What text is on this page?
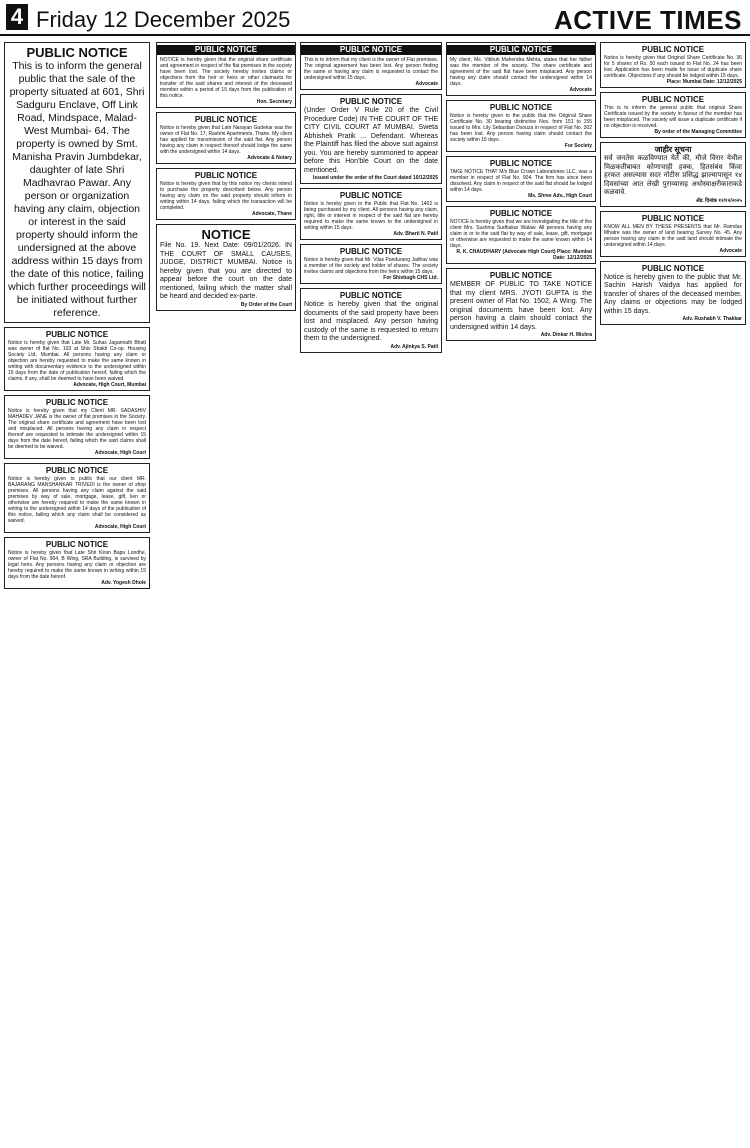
4 Friday 12 December 2025	ACTIVE TIMES
PUBLIC NOTICE
This is to inform the general public that the sale of the property situated at 601, Shri Sadguru Enclave, Off Link Road, Mindspace, Malad-West Mumbai- 64. The property is owned by Smt. Manisha Pravin Jumbdekar, daughter of late Shri Madhavrao Pawar. Any person or organization having any claim, objection or interest in the said property should inform the undersigned at the above address within 15 days from the date of this notice, failing which further proceedings will be initiated without further reference.
PUBLIC NOTICE
Notice is hereby given that Late Mr. Suhas Jagannath Bhatt was owner of flat No. 103 at Shiv Shakti Co-op. Housing Society Ltd, Mumbai. All persons having any claim or objection are hereby requested to make the same known in writing with documentary evidence to the undersigned within 15 days from the date of publication hereof, failing which the claims, if any, shall be deemed to have been waived.
Advocate, High Court, Mumbai
PUBLIC NOTICE
Notice is hereby given that my Client MR. SADASHIV MAHADEV JANE is the owner of flat premises in the Society. The original share certificate and agreement have been lost and misplaced. All persons having any claim in respect thereof are requested to intimate the undersigned within 15 days from the date hereof, failing which the said claims shall be deemed to be waived.
Advocate, High Court
PUBLIC NOTICE
Notice is hereby given to public that our client MR. BAJARANG MANSHANKAR TRIVEDI is the owner of shop premises. All persons having any claim against the said premises by way of sale, mortgage, lease, gift, lien or otherwise are hereby required to make the same known in writing to the undersigned within 14 days of the publication of this notice, failing which any claim shall be considered as waived.
Advocate, High Court
PUBLIC NOTICE
Notice is hereby given that Late Shri Kiran Bapu Londhe, owner of Flat No. 904, B Wing, SRA Building, is survived by legal heirs. Any persons having any claim or objection are hereby required to make the same known in writing within 15 days from the date hereof.
Adv. Yogesh Dhole
PUBLIC NOTICE
NOTICE is hereby given that the original share certificate and agreement in respect of the flat premises in the society have been lost. The society hereby invites claims or objections from the heir or heirs or other claimants for transfer of the said shares and interest of the deceased member within a period of 15 days from the publication of this notice.
Hon. Secretary
PUBLIC NOTICE
Notice is hereby given that Late Narayan Gudekar was the owner of Flat No. 17, Rashmi Apartments, Thane. My client has applied for transmission of the said flat. Any person having any claim in respect thereof should lodge the same with the undersigned within 14 days.
Advocate & Notary
PUBLIC NOTICE
Notice is hereby given that by this notice my clients intend to purchase the property described below. Any person having any claim on the said property should inform in writing within 14 days, failing which the transaction will be completed.
Advocate, Thane
NOTICE
File No. 19. Next Date: 09/01/2026. IN THE COURT OF SMALL CAUSES, JUDGE, DISTRICT MUMBAI. Notice is hereby given that you are directed to appear before the court on the date mentioned, failing which the matter shall be heard and decided ex-parte.
By Order of the Court
PUBLIC NOTICE
This is to inform that my client is the owner of Flat premises. The original agreement has been lost. Any person finding the same or having any claim is requested to contact the undersigned within 15 days.
Advocate
PUBLIC NOTICE
(Under Order V Rule 20 of the Civil Procedure Code) IN THE COURT OF THE CITY CIVIL COURT AT MUMBAI. Sweta Abhishek Pratik ... Defendant. Whereas the Plaintiff has filed the above suit against you. You are hereby summoned to appear before this Hon'ble Court on the date mentioned.
Issued under the order of the Court dated 10/12/2025
PUBLIC NOTICE
Notice is hereby given to the Public that Flat No. 1402 is being purchased by my client. All persons having any claim, right, title or interest in respect of the said flat are hereby required to make the same known to the undersigned in writing within 15 days.
Adv. Bharti N. Patil
PUBLIC NOTICE
Notice is hereby given that Mr. Vilas Pandurang Jadhav was a member of the society and holder of shares. The society invites claims and objections from the heirs within 15 days.
For Shivbugh CHS Ltd.
PUBLIC NOTICE
Notice is hereby given that the original documents of the said property have been lost and misplaced. Any person having custody of the same is requested to return them to the undersigned.
Adv. Ajinkya S. Patil
PUBLIC NOTICE
My client, Ms. Vibhuti Mahendra Mehta, states that her father was the member of the society. The share certificate and agreement of the said flat have been misplaced. Any person having any claim should contact the undersigned within 14 days.
Advocate
PUBLIC NOTICE
Notice is hereby given to the public that the Original Share Certificate No. 30 bearing distinctive Nos. from 151 to 155 issued to Mrs. Lily Sebastian Dsouza in respect of Flat No. 302 has been lost. Any person having claim should contact the society within 15 days.
For Society
PUBLIC NOTICE
TAKE NOTICE THAT M/s Blue Crown Laboratories LLC, was a member in respect of Flat No. 904. The firm has since been dissolved. Any claim in respect of the said flat should be lodged within 14 days.
Ms. Shree Adv., High Court
PUBLIC NOTICE
NOTICE is hereby given that we are investigating the title of the client Mrs. Sushma Sudhakar Walaw. All persons having any claim in or to the said flat by way of sale, lease, gift, mortgage or otherwise are requested to make the same known within 14 days.
R. K. CHAUDHARY (Advocate High Court) Place: Mumbai Date: 12/12/2025
PUBLIC NOTICE
MEMBER OF PUBLIC TO TAKE NOTICE that my client MRS. JYOTI GUPTA is the present owner of Flat No. 1502, A Wing. The original documents have been lost. Any person having a claim should contact the undersigned within 14 days.
Adv. Dinkar H. Mishra
PUBLIC NOTICE
Notice is hereby given that Original Share Certificate No. 36 for 5 shares of Rs. 50 each issued to Flat No. 24 has been lost. Application has been made for issue of duplicate share certificate. Objections if any should be lodged within 15 days.
Place: Mumbai Date: 12/12/2025
PUBLIC NOTICE
This is to inform the general public that original Share Certificate issued by the society in favour of the member has been misplaced. The society will issue a duplicate certificate if no objection is received.
By order of the Managing Committee
जाहीर सूचना
सर्व जनतेस कळविण्यात येते की, मौजे विरार येथील मिळकतीबाबत कोणाचाही हक्क, हितसंबंध किंवा हरकत असल्यास सदर नोटीस प्रसिद्ध झाल्यापासून १४ दिवसांच्या आत लेखी पुराव्यासह अधोस्वाक्षरीकाराकडे कळवावे.
ॲड. दिनांक १२/१२/२०२५
PUBLIC NOTICE
KNOW ALL MEN BY THESE PRESENTS that Mr. Ramdas Mhatre was the owner of land bearing Survey No. 45. Any person having any claim in the said land should intimate the undersigned within 14 days.
Advocate
PUBLIC NOTICE
Notice is hereby given to the public that Mr. Sachin Harish Vaidya has applied for transfer of shares of the deceased member. Any claims or objections may be lodged within 15 days.
Adv. Rushabh V. Thakkar
